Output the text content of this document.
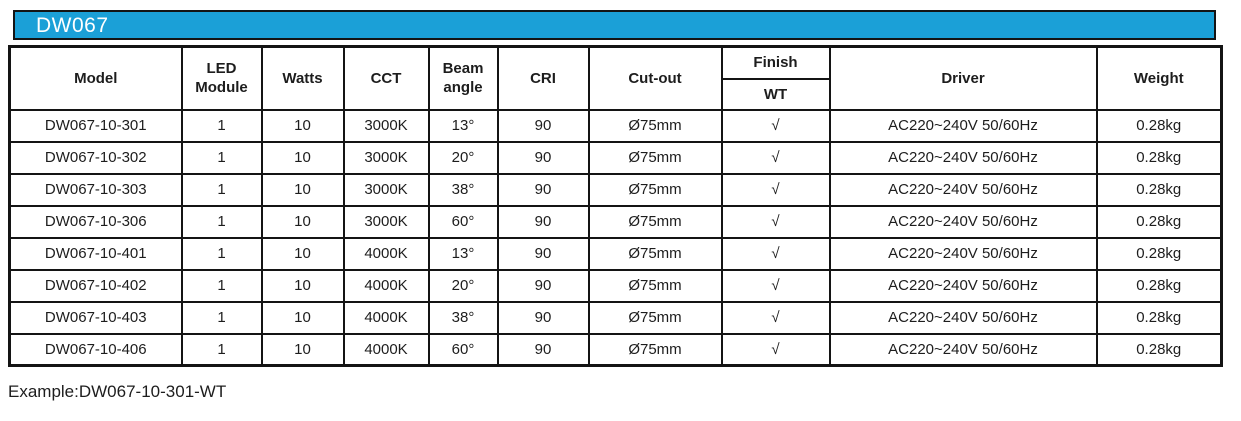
DW067
Model	LED Module	Watts	CCT	Beam angle	CRI	Cut-out	Finish	Driver	Weight
							WT		
DW067-10-301	1	10	3000K	13°	90	Ø75mm	√	AC220~240V 50/60Hz	0.28kg
DW067-10-302	1	10	3000K	20°	90	Ø75mm	√	AC220~240V 50/60Hz	0.28kg
DW067-10-303	1	10	3000K	38°	90	Ø75mm	√	AC220~240V 50/60Hz	0.28kg
DW067-10-306	1	10	3000K	60°	90	Ø75mm	√	AC220~240V 50/60Hz	0.28kg
DW067-10-401	1	10	4000K	13°	90	Ø75mm	√	AC220~240V 50/60Hz	0.28kg
DW067-10-402	1	10	4000K	20°	90	Ø75mm	√	AC220~240V 50/60Hz	0.28kg
DW067-10-403	1	10	4000K	38°	90	Ø75mm	√	AC220~240V 50/60Hz	0.28kg
DW067-10-406	1	10	4000K	60°	90	Ø75mm	√	AC220~240V 50/60Hz	0.28kg
Example:DW067-10-301-WT
